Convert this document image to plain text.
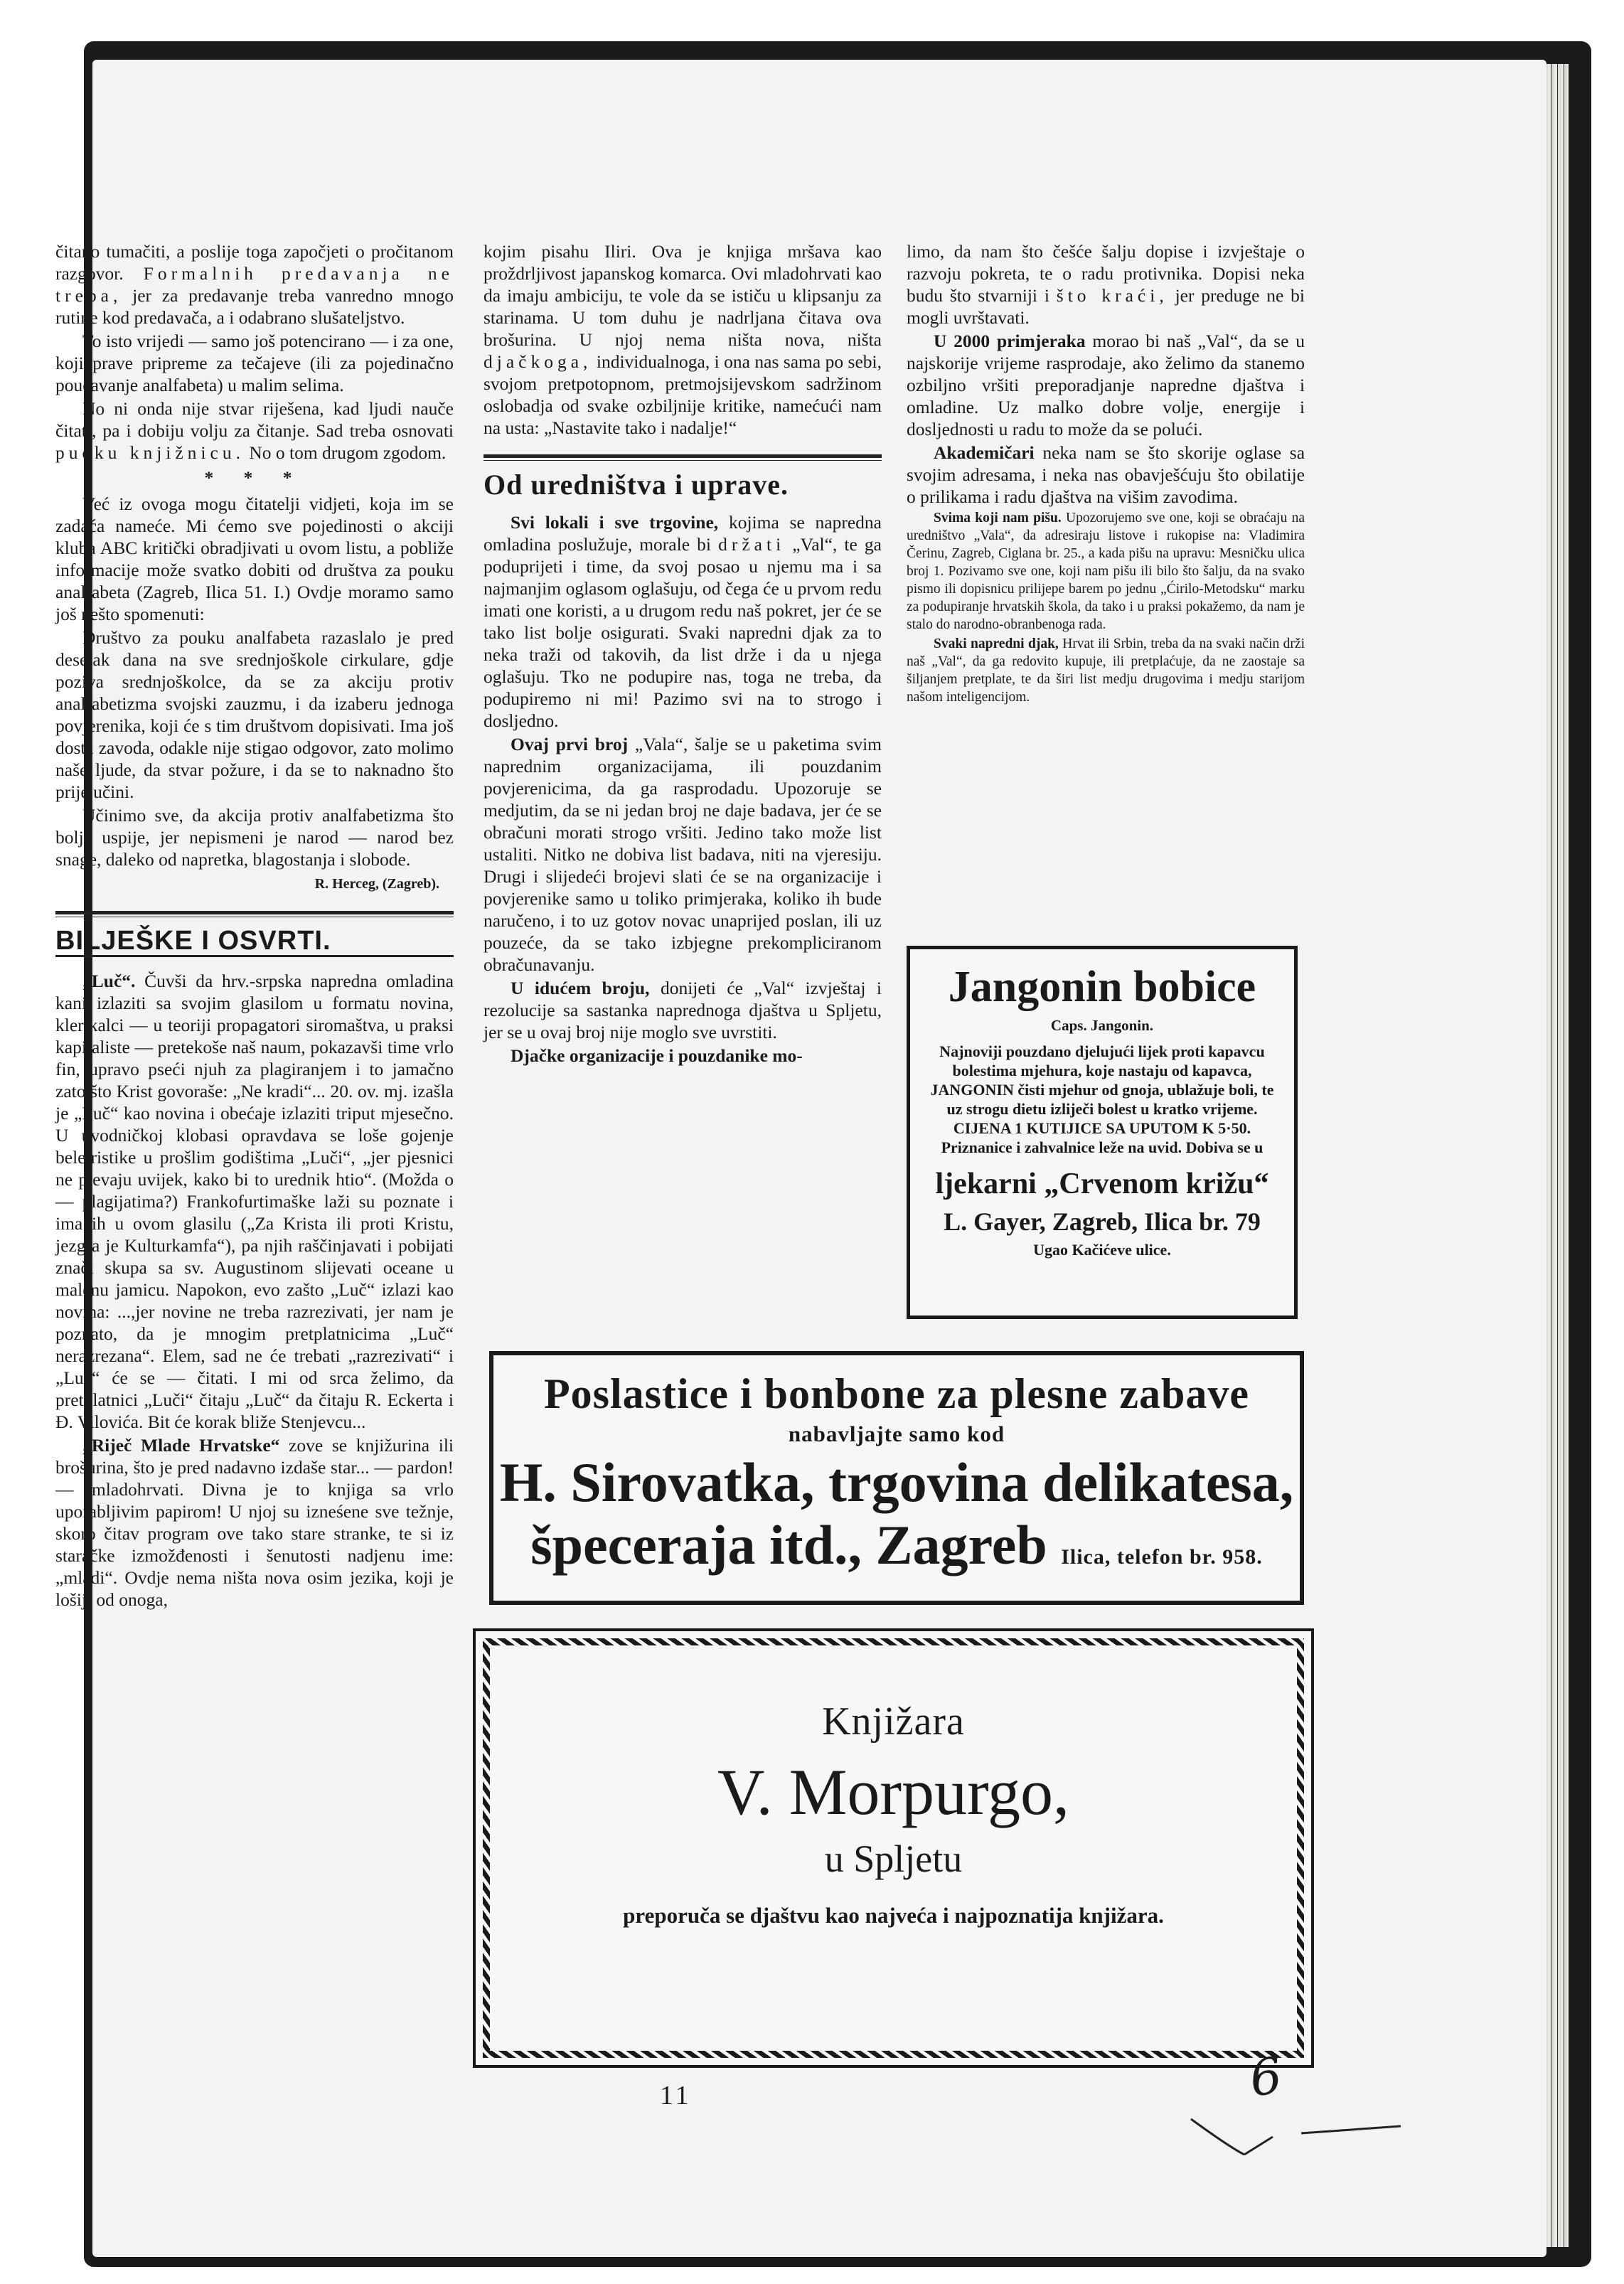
čitano tumačiti, a poslije toga započjeti o pročitanom razgovor. Formalnih predavanja ne treba, jer za predavanje treba vanredno mnogo rutine kod predavača, a i odabrano slušateljstvo.

To isto vrijedi — samo još potencirano — i za one, koji prave pripreme za tečajeve (ili za pojedinačno poučavanje analfabeta) u malim selima.

No ni onda nije stvar riješena, kad ljudi nauče čitati, pa i dobiju volju za čitanje. Sad treba osnovati pučku knjižnicu. No o tom drugom zgodom.

* * *

Već iz ovoga mogu čitatelji vidjeti, koja im se zadaća nameće. Mi ćemo sve pojedinosti o akciji kluba ABC kritički obradjivati u ovom listu, a pobliže informacije može svatko dobiti od društva za pouku analfabeta (Zagreb, Ilica 51. I.) Ovdje moramo samo još nešto spomenuti:

Društvo za pouku analfabeta razaslalo je pred desetak dana na sve srednjoškole cirkulare, gdje poziva srednjoškolce, da se za akciju protiv analfabetizma svojski zauzmu, i da izaberu jednoga povjerenika, koji će s tim društvom dopisivati. Ima još dosta zavoda, odakle nije stigao odgovor, zato molimo naše ljude, da stvar požure, i da se to naknadno što prije učini.

Učinimo sve, da akcija protiv analfabetizma što bolje uspije, jer nepismeni je narod — narod bez snage, daleko od napretka, blagostanja i slobode.

R. Herceg, (Zagreb).
BILJEŠKE I OSVRTI.

„Luč“. Čuvši da hrv.-srpska napredna omladina kani izlaziti sa svojim glasilom u formatu novina, klerikalci — u teoriji propagatori siromaštva, u praksi kapitaliste — pretekoše naš naum, pokazavši time vrlo fin, upravo pseći njuh za plagiranjem i to jamačno zato što Krist govoraše: „Ne kradi“... 20. ov. mj. izašla je „Luč“ kao novina i obećaje izlaziti triput mjesečno. U uvodničkoj klobasi opravdava se loše gojenje beletristike u prošlim godištima „Luči“, „jer pjesnici ne pjevaju uvijek, kako bi to urednik htio“. (Možda o — plagijatima?) Frankofurtimaške laži su poznate i ima ih u ovom glasilu („Za Krista ili proti Kristu, jezgra je Kulturkamfa“), pa njih raščinjavati i pobijati znači skupa sa sv. Augustinom slijevati oceane u malenu jamicu. Napokon, evo zašto „Luč“ izlazi kao novina: ...,jer novine ne treba razrezivati, jer nam je poznato, da je mnogim pretplatnicima „Luč“ nerazrezana“. Elem, sad ne će trebati „razrezivati“ i „Luč“ će se — čitati. I mi od srca želimo, da pretplatnici „Luči“ čitaju „Luč“ da čitaju R. Eckerta i Đ. Vilovića. Bit će korak bliže Stenjevcu...

„Riječ Mlade Hrvatske“ zove se knjižurina ili brošurina, što je pred nadavno izdaše star... — pardon! — mladohrvati. Divna je to knjiga sa vrlo uporabljivim papirom! U njoj su izneśene sve težnje, skoro čitav program ove tako stare stranke, te si iz staračke izmožđenosti i šenutosti nadjenu ime: „mladi“. Ovdje nema ništa nova osim jezika, koji je lošiji od onoga,

kojim pisahu Iliri. Ova je knjiga mršava kao proždrljivost japanskog komarca. Ovi mladohrvati kao da imaju ambiciju, te vole da se ističu u klipsanju za starinama. U tom duhu je nadrljana čitava ova brošurina. U njoj nema ništa nova, ništa djačkoga, individualnoga, i ona nas sama po sebi, svojom pretpotopnom, pretmojsijevskom sadržinom oslobadja od svake ozbiljnije kritike, namećući nam na usta: „Nastavite tako i nadalje!“

Od uredništva i uprave.

Svi lokali i sve trgovine, kojima se napredna omladina poslužuje, morale bi držati „Val“, te ga poduprijeti i time, da svoj posao u njemu ma i sa najmanjim oglasom oglašuju, od čega će u prvom redu imati one koristi, a u drugom redu naš pokret, jer će se tako list bolje osigurati. Svaki napredni djak za to neka traži od takovih, da list drže i da u njega oglašuju. Tko ne podupire nas, toga ne treba, da podupiremo ni mi! Pazimo svi na to strogo i dosljedno.

Ovaj prvi broj „Vala“, šalje se u paketima svim naprednim organizacijama, ili pouzdanim povjerenicima, da ga rasprodadu. Upozoruje se medjutim, da se ni jedan broj ne daje badava, jer će se obračuni morati strogo vršiti. Jedino tako može list ustaliti. Nitko ne dobiva list badava, niti na vjeresiju. Drugi i slijedeći brojevi slati će se na organizacije i povjerenike samo u toliko primjeraka, koliko ih bude naručeno, i to uz gotov novac unaprijed poslan, ili uz pouzeće, da se tako izbjegne prekompliciranom obračunavanju.

U idućem broju, donijeti će „Val“ izvještaj i rezolucije sa sastanka naprednoga djaštva u Spljetu, jer se u ovaj broj nije moglo sve uvrstiti.

Djačke organizacije i pouzdanike mo-

limo, da nam što češće šalju dopise i izvještaje o razvoju pokreta, te o radu protivnika. Dopisi neka budu što stvarniji i što kraći, jer preduge ne bi mogli uvrštavati.

U 2000 primjeraka morao bi naš „Val“, da se u najskorije vrijeme rasprodaje, ako želimo da stanemo ozbiljno vršiti preporadjanje napredne djaštva i omladine. Uz malko dobre volje, energije i dosljednosti u radu to može da se polući.

Akademičari neka nam se što skorije oglase sa svojim adresama, i neka nas obavješćuju što obilatije o prilikama i radu djaštva na višim zavodima.

Svima koji nam pišu. Upozorujemo sve one, koji se obraćaju na uredništvo „Vala“, da adresiraju listove i rukopise na: Vladimira Čerinu, Zagreb, Ciglana br. 25., a kada pišu na upravu: Mesničku ulica broj 1. Pozivamo sve one, koji nam pišu ili bilo što šalju, da na svako pismo ili dopisnicu prilijepe barem po jednu „Ćirilo-Metodsku“ marku za podupiranje hrvatskih škola, da tako i u praksi pokažemo, da nam je stalo do narodno-obranbenoga rada.

Svaki napredni djak, Hrvat ili Srbin, treba da na svaki način drži naš „Val“, da ga redovito kupuje, ili pretplaćuje, da ne zaostaje sa šiljanjem pretplate, te da širi list medju drugovima i medju starijom našom inteligencijom.

Jangonin bobice
Caps. Jangonin.
Najnoviji pouzdano djelujući lijek proti kapavcu bolestima mjehura, koje nastaju od kapavca, JANGONIN čisti mjehur od gnoja, ublažuje boli, te uz strogu dietu izliječi bolest u kratko vrijeme. CIJENA 1 KUTIJICE SA UPUTOM K 5·50. Priznanice i zahvalnice leže na uvid. Dobiva se u
ljekarni „Crvenom križu“
L. Gayer, Zagreb, Ilica br. 79
Ugao Kačićeve ulice.
Poslastice i bonbone za plesne zabave
nabavljajte samo kod
H. Sirovatka, trgovina delikatesa,
špeceraja itd., Zagreb Ilica, telefon br. 958.
Knjižara
V. Morpurgo,
u Spljetu
preporuča se djaštvu kao najveća i najpoznatija knjižara.
11	6
